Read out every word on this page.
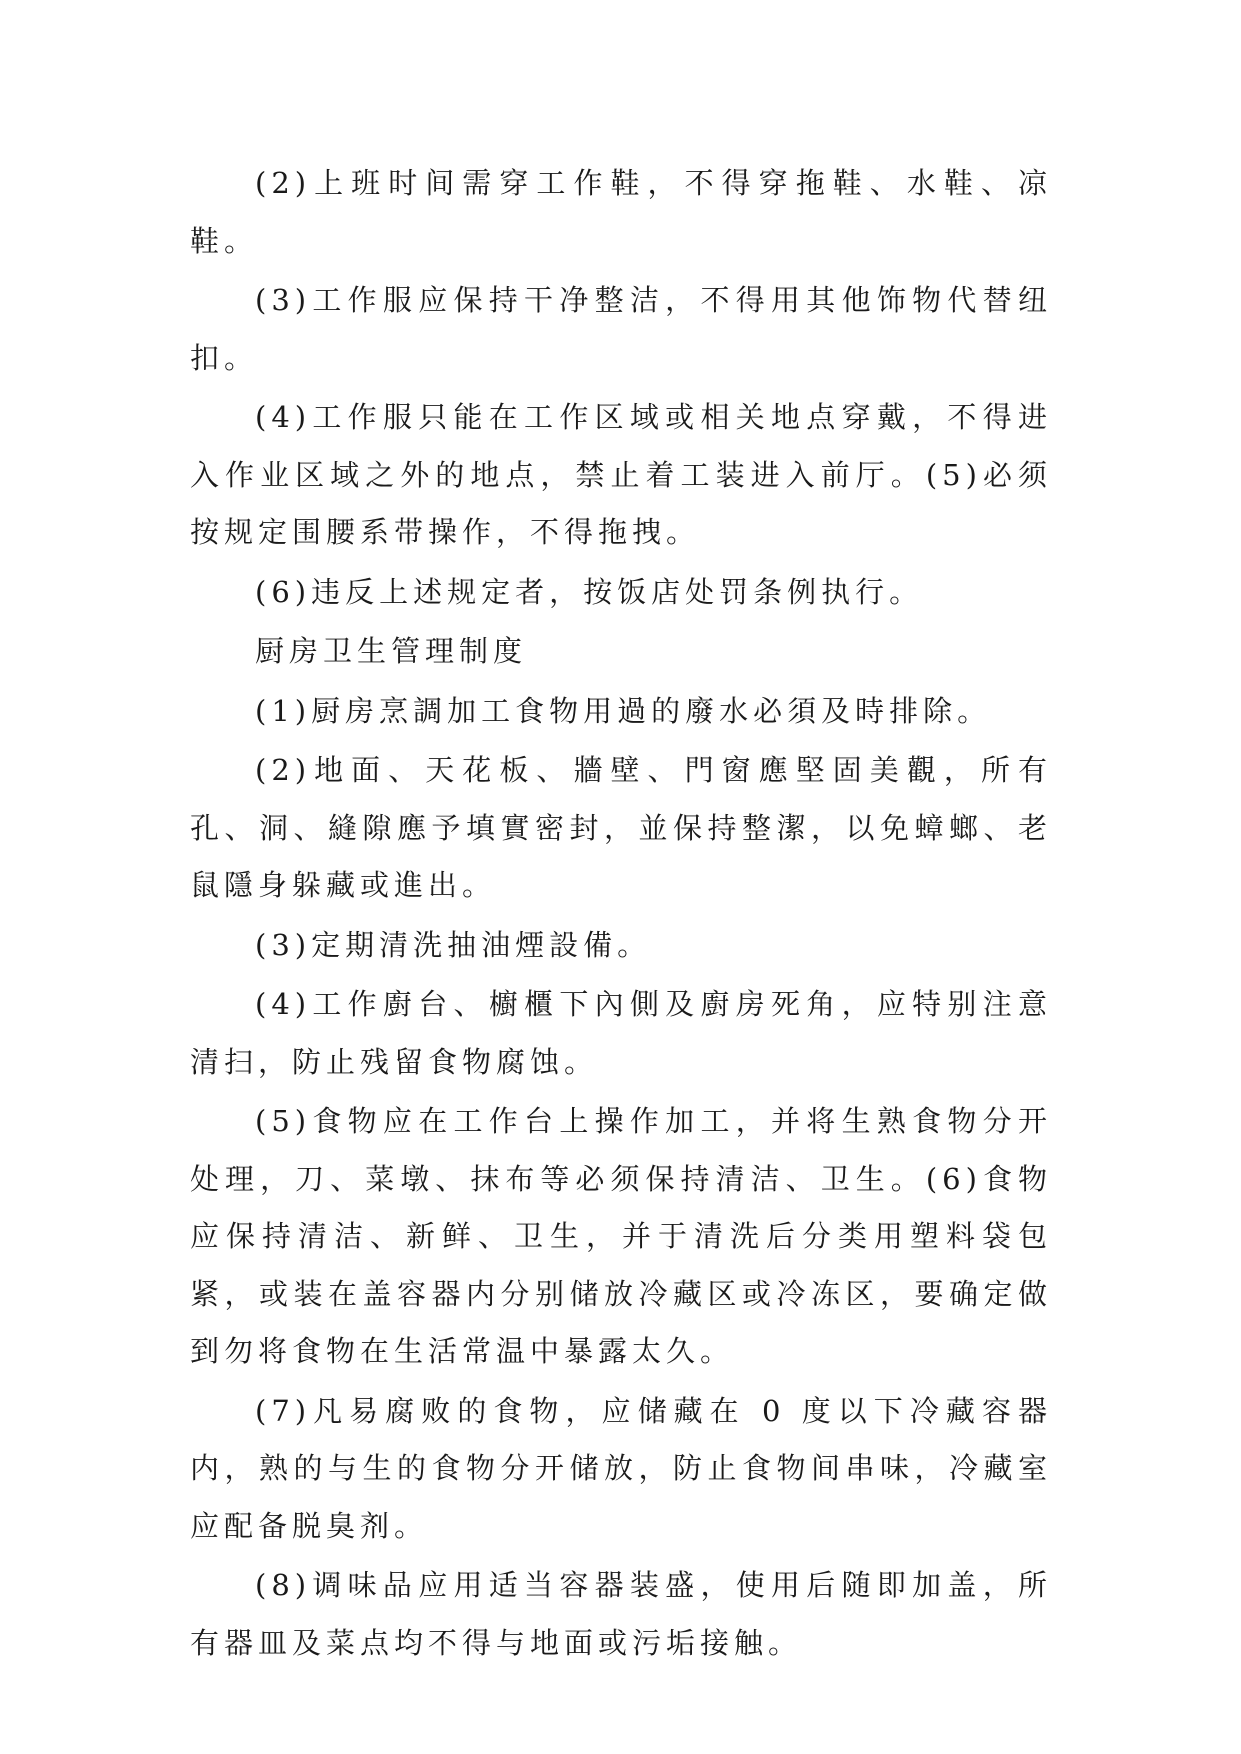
(2)上班时间需穿工作鞋，不得穿拖鞋、水鞋、凉鞋。

(3)工作服应保持干净整洁，不得用其他饰物代替纽扣。

(4)工作服只能在工作区域或相关地点穿戴，不得进入作业区域之外的地点，禁止着工装进入前厅。(5)必须按规定围腰系带操作，不得拖拽。

(6)违反上述规定者，按饭店处罚条例执行。

厨房卫生管理制度

(1)厨房烹調加工食物用過的廢水必須及時排除。

(2)地面、天花板、牆壁、門窗應堅固美觀，所有孔、洞、縫隙應予填實密封，並保持整潔，以免蟑螂、老鼠隱身躲藏或進出。

(3)定期清洗抽油煙設備。

(4)工作廚台、櫥櫃下內側及廚房死角，应特别注意清扫，防止残留食物腐蚀。

(5)食物应在工作台上操作加工，并将生熟食物分开处理，刀、菜墩、抹布等必须保持清洁、卫生。(6)食物应保持清洁、新鲜、卫生，并于清洗后分类用塑料袋包紧，或装在盖容器内分别储放冷藏区或冷冻区，要确定做到勿将食物在生活常温中暴露太久。

(7)凡易腐败的食物，应储藏在 0 度以下冷藏容器内，熟的与生的食物分开储放，防止食物间串味，冷藏室应配备脱臭剂。

(8)调味品应用适当容器装盛，使用后随即加盖，所有器皿及菜点均不得与地面或污垢接触。
